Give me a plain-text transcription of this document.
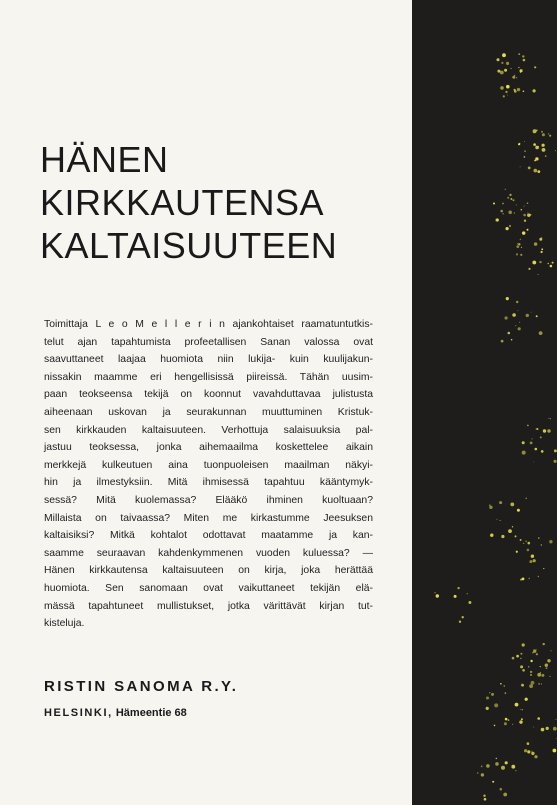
HÄNEN
KIRKKAUTENSA
KALTAISUUTEEN

Toimittaja L e o M e l l e r i n ajankohtaiset raamatuntutkis-
telut ajan tapahtumista profeetallisen Sanan valossa ovat
saavuttaneet laajaa huomiota niin lukija- kuin kuulijakun-
nissakin maamme eri hengellisissä piireissä. Tähän uusim-
paan teokseensa tekijä on koonnut vavahduttavaa julistusta
aiheenaan uskovan ja seurakunnan muuttuminen Kristuk-
sen kirkkauden kaltaisuuteen. Verhottuja salaisuuksia pal-
jastuu teoksessa, jonka aihemaailma koskettelee aikain
merkkejä kulkeutuen aina tuonpuoleisen maailman näkyi-
hin ja ilmestyksiin. Mitä ihmisessä tapahtuu kääntymyk-
sessä? Mitä kuolemassa? Elääkö ihminen kuoltuaan?
Millaista on taivaassa? Miten me kirkastumme Jeesuksen
kaltaisiksi? Mitkä kohtalot odottavat maatamme ja kan-
saamme seuraavan kahdenkymmenen vuoden kuluessa? —
Hänen kirkkautensa kaltaisuuteen on kirja, joka herättää
huomiota. Sen sanomaan ovat vaikuttaneet tekijän elä-
mässä tapahtuneet mullistukset, jotka värittävät kirjan tut-
kisteluja.

RISTIN SANOMA R.Y.

HELSINKI, Hämeentie 68
